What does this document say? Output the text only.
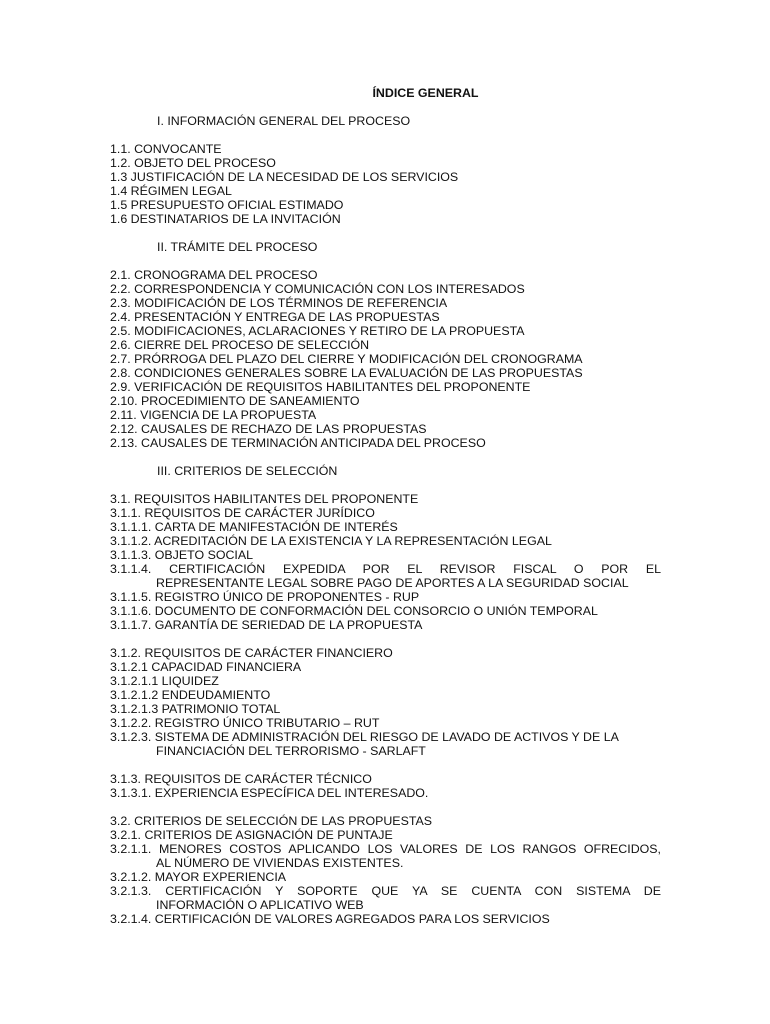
ÍNDICE GENERAL
I. INFORMACIÓN GENERAL DEL PROCESO
1.1. CONVOCANTE
1.2. OBJETO DEL PROCESO
1.3 JUSTIFICACIÓN DE LA NECESIDAD DE LOS SERVICIOS
1.4 RÉGIMEN LEGAL
1.5 PRESUPUESTO OFICIAL ESTIMADO
1.6 DESTINATARIOS DE LA INVITACIÓN
II. TRÁMITE DEL PROCESO
2.1. CRONOGRAMA DEL PROCESO
2.2. CORRESPONDENCIA Y COMUNICACIÓN CON LOS INTERESADOS
2.3. MODIFICACIÓN DE LOS TÉRMINOS DE REFERENCIA
2.4. PRESENTACIÓN Y ENTREGA DE LAS PROPUESTAS
2.5. MODIFICACIONES, ACLARACIONES Y RETIRO DE LA PROPUESTA
2.6. CIERRE DEL PROCESO DE SELECCIÓN
2.7. PRÓRROGA DEL PLAZO DEL CIERRE Y MODIFICACIÓN DEL CRONOGRAMA
2.8. CONDICIONES GENERALES SOBRE LA EVALUACIÓN DE LAS PROPUESTAS
2.9. VERIFICACIÓN DE REQUISITOS HABILITANTES DEL PROPONENTE
2.10. PROCEDIMIENTO DE SANEAMIENTO
2.11. VIGENCIA DE LA PROPUESTA
2.12. CAUSALES DE RECHAZO DE LAS PROPUESTAS
2.13. CAUSALES DE TERMINACIÓN ANTICIPADA DEL PROCESO
III. CRITERIOS DE SELECCIÓN
3.1. REQUISITOS HABILITANTES DEL PROPONENTE
3.1.1. REQUISITOS DE CARÁCTER JURÍDICO
3.1.1.1. CARTA DE MANIFESTACIÓN DE INTERÉS
3.1.1.2. ACREDITACIÓN DE LA EXISTENCIA Y LA REPRESENTACIÓN LEGAL
3.1.1.3. OBJETO SOCIAL
3.1.1.4. CERTIFICACIÓN EXPEDIDA POR EL REVISOR FISCAL O POR EL
REPRESENTANTE LEGAL SOBRE PAGO DE APORTES A LA SEGURIDAD SOCIAL
3.1.1.5. REGISTRO ÚNICO DE PROPONENTES - RUP
3.1.1.6. DOCUMENTO DE CONFORMACIÓN DEL CONSORCIO O UNIÓN TEMPORAL
3.1.1.7. GARANTÍA DE SERIEDAD DE LA PROPUESTA
3.1.2. REQUISITOS DE CARÁCTER FINANCIERO
3.1.2.1 CAPACIDAD FINANCIERA
3.1.2.1.1 LIQUIDEZ
3.1.2.1.2 ENDEUDAMIENTO
3.1.2.1.3 PATRIMONIO TOTAL
3.1.2.2. REGISTRO ÚNICO TRIBUTARIO – RUT
3.1.2.3. SISTEMA DE ADMINISTRACIÓN DEL RIESGO DE LAVADO DE ACTIVOS Y DE LA
FINANCIACIÓN DEL TERRORISMO - SARLAFT
3.1.3. REQUISITOS DE CARÁCTER TÉCNICO
3.1.3.1. EXPERIENCIA ESPECÍFICA DEL INTERESADO.
3.2. CRITERIOS DE SELECCIÓN DE LAS PROPUESTAS
3.2.1. CRITERIOS DE ASIGNACIÓN DE PUNTAJE
3.2.1.1. MENORES COSTOS APLICANDO LOS VALORES DE LOS RANGOS OFRECIDOS,
AL NÚMERO DE VIVIENDAS EXISTENTES.
3.2.1.2. MAYOR EXPERIENCIA
3.2.1.3. CERTIFICACIÓN Y SOPORTE QUE YA SE CUENTA CON SISTEMA DE
INFORMACIÓN O APLICATIVO WEB
3.2.1.4. CERTIFICACIÓN DE VALORES AGREGADOS PARA LOS SERVICIOS
